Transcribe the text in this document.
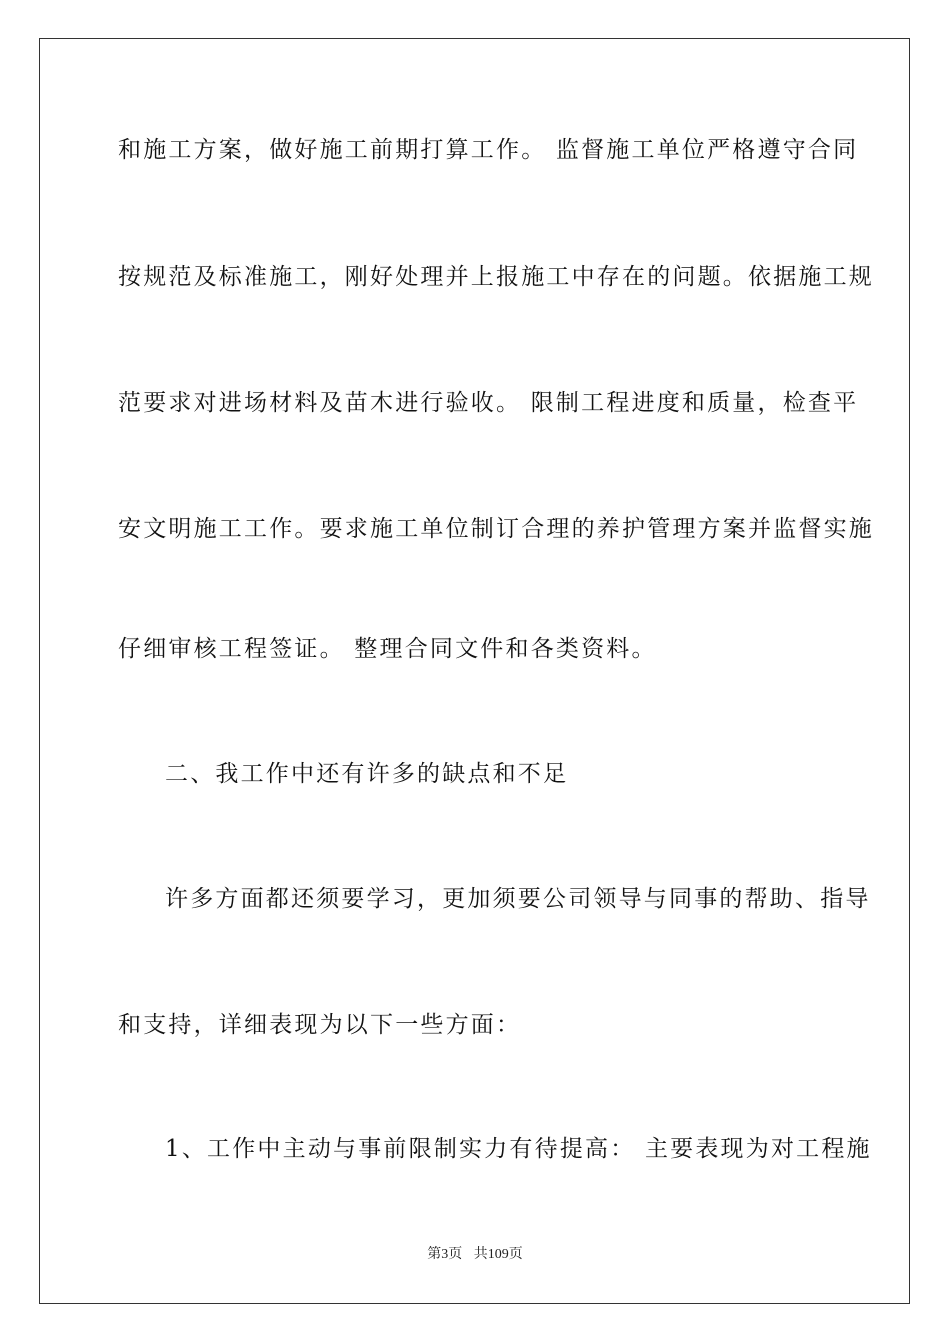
和施工方案，做好施工前期打算工作。 监督施工单位严格遵守合同
按规范及标准施工，刚好处理并上报施工中存在的问题。依据施工规
范要求对进场材料及苗木进行验收。 限制工程进度和质量，检查平
安文明施工工作。要求施工单位制订合理的养护管理方案并监督实施
仔细审核工程签证。 整理合同文件和各类资料。
二、我工作中还有许多的缺点和不足
许多方面都还须要学习，更加须要公司领导与同事的帮助、指导
和支持，详细表现为以下一些方面：
1、工作中主动与事前限制实力有待提高： 主要表现为对工程施
第3页 共109页
